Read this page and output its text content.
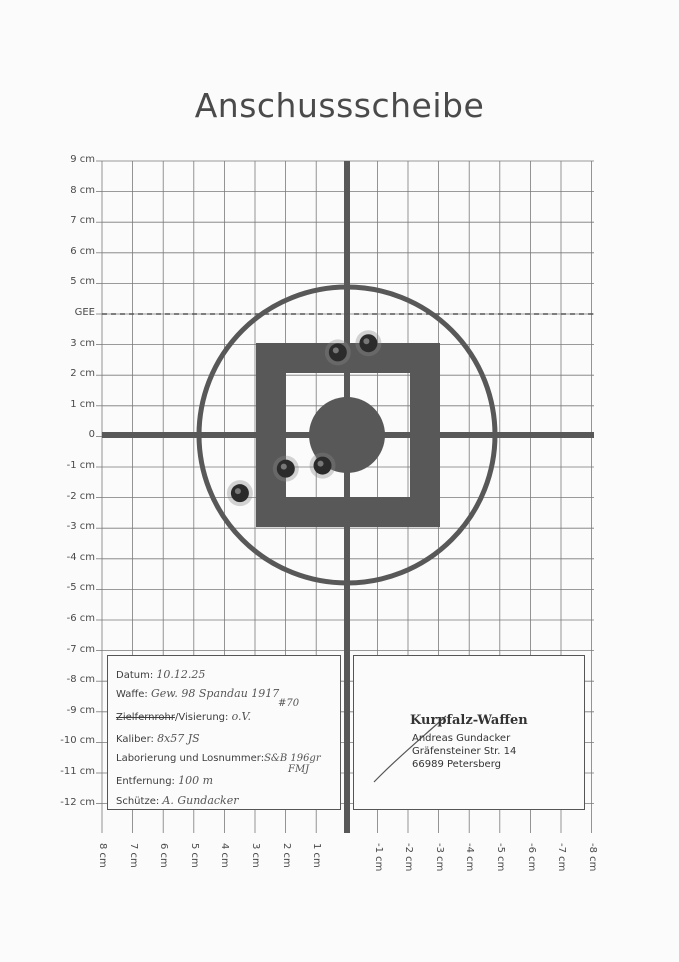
Anschussscheibe
9 cm
8 cm
7 cm
6 cm
5 cm
GEE
3 cm
2 cm
1 cm
0
-1 cm
-2 cm
-3 cm
-4 cm
-5 cm
-6 cm
-7 cm
-8 cm
-9 cm
-10 cm
-11 cm
-12 cm
8 cm 7 cm 6 cm 5 cm 4 cm 3 cm 2 cm 1 cm	-1 cm -2 cm -3 cm -4 cm -5 cm -6 cm -7 cm -8 cm
Datum: 10.12.25
Waffe: Gew. 98 Spandau 1917
#70
Zielfernrohr/Visierung: o.V.
Kaliber: 8x57 JS
Laborierung und Losnummer:S&B 196gr
FMJ
Entfernung: 100 m
Schütze: A. Gundacker
Kurpfalz-Waffen
Andreas Gundacker
Gräfensteiner Str. 14
66989 Petersberg
